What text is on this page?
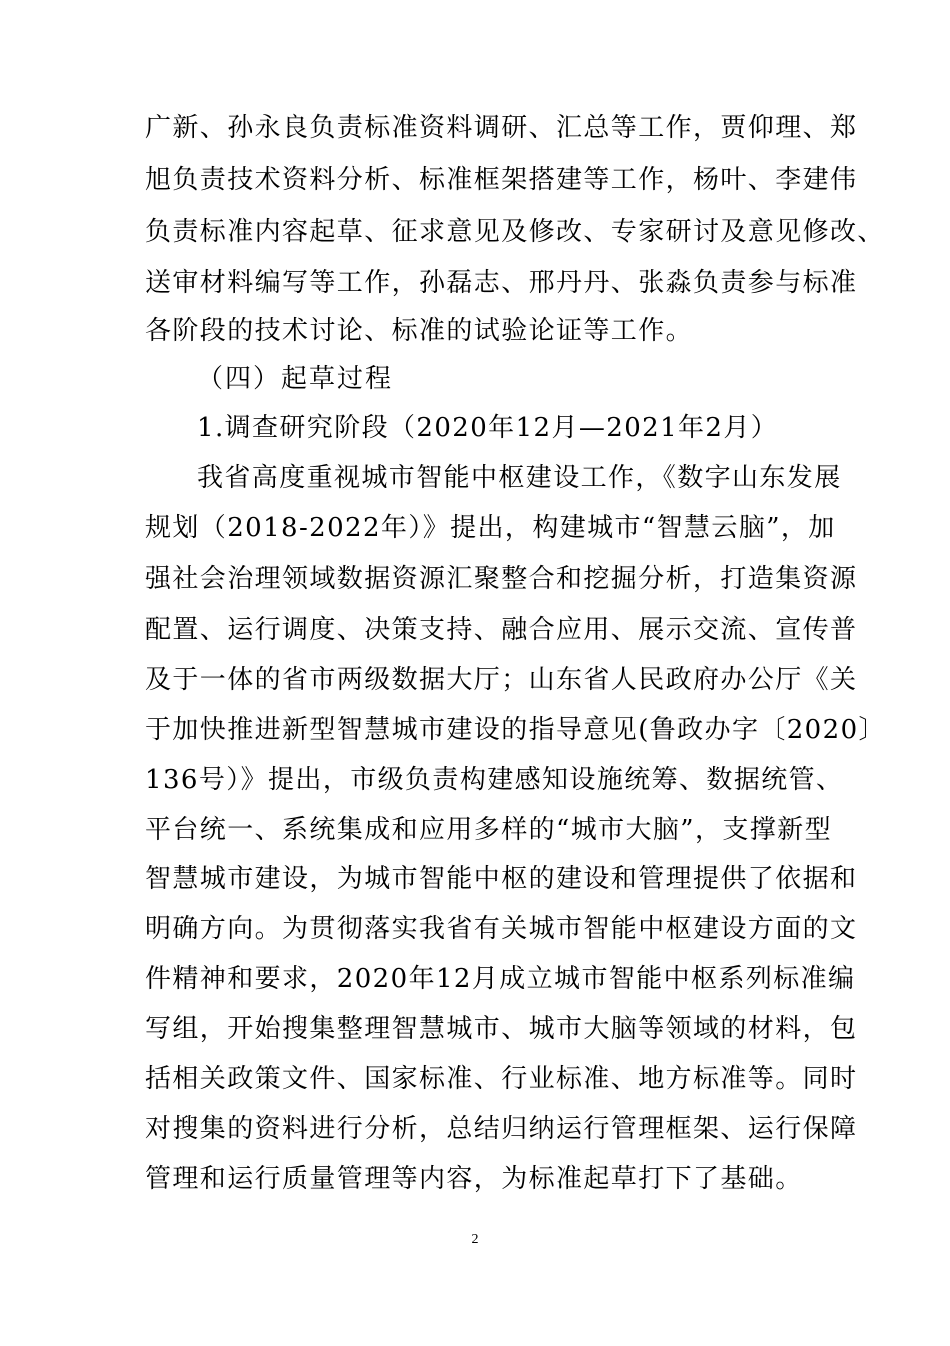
广新、孙永良负责标准资料调研、汇总等工作，贾仰理、郑
旭负责技术资料分析、标准框架搭建等工作，杨叶、李建伟
负责标准内容起草、征求意见及修改、专家研讨及意见修改、
送审材料编写等工作，孙磊志、邢丹丹、张淼负责参与标准
各阶段的技术讨论、标准的试验论证等工作。
（四）起草过程
1.调查研究阶段（2020年12月—2021年2月）
我省高度重视城市智能中枢建设工作，《数字山东发展
规划（2018-2022年）》提出，构建城市“智慧云脑”，加
强社会治理领域数据资源汇聚整合和挖掘分析，打造集资源
配置、运行调度、决策支持、融合应用、展示交流、宣传普
及于一体的省市两级数据大厅；山东省人民政府办公厅《关
于加快推进新型智慧城市建设的指导意见(鲁政办字〔2020〕
136号）》提出，市级负责构建感知设施统筹、数据统管、
平台统一、系统集成和应用多样的“城市大脑”，支撑新型
智慧城市建设，为城市智能中枢的建设和管理提供了依据和
明确方向。为贯彻落实我省有关城市智能中枢建设方面的文
件精神和要求，2020年12月成立城市智能中枢系列标准编
写组，开始搜集整理智慧城市、城市大脑等领域的材料，包
括相关政策文件、国家标准、行业标准、地方标准等。同时
对搜集的资料进行分析，总结归纳运行管理框架、运行保障
管理和运行质量管理等内容，为标准起草打下了基础。
2
